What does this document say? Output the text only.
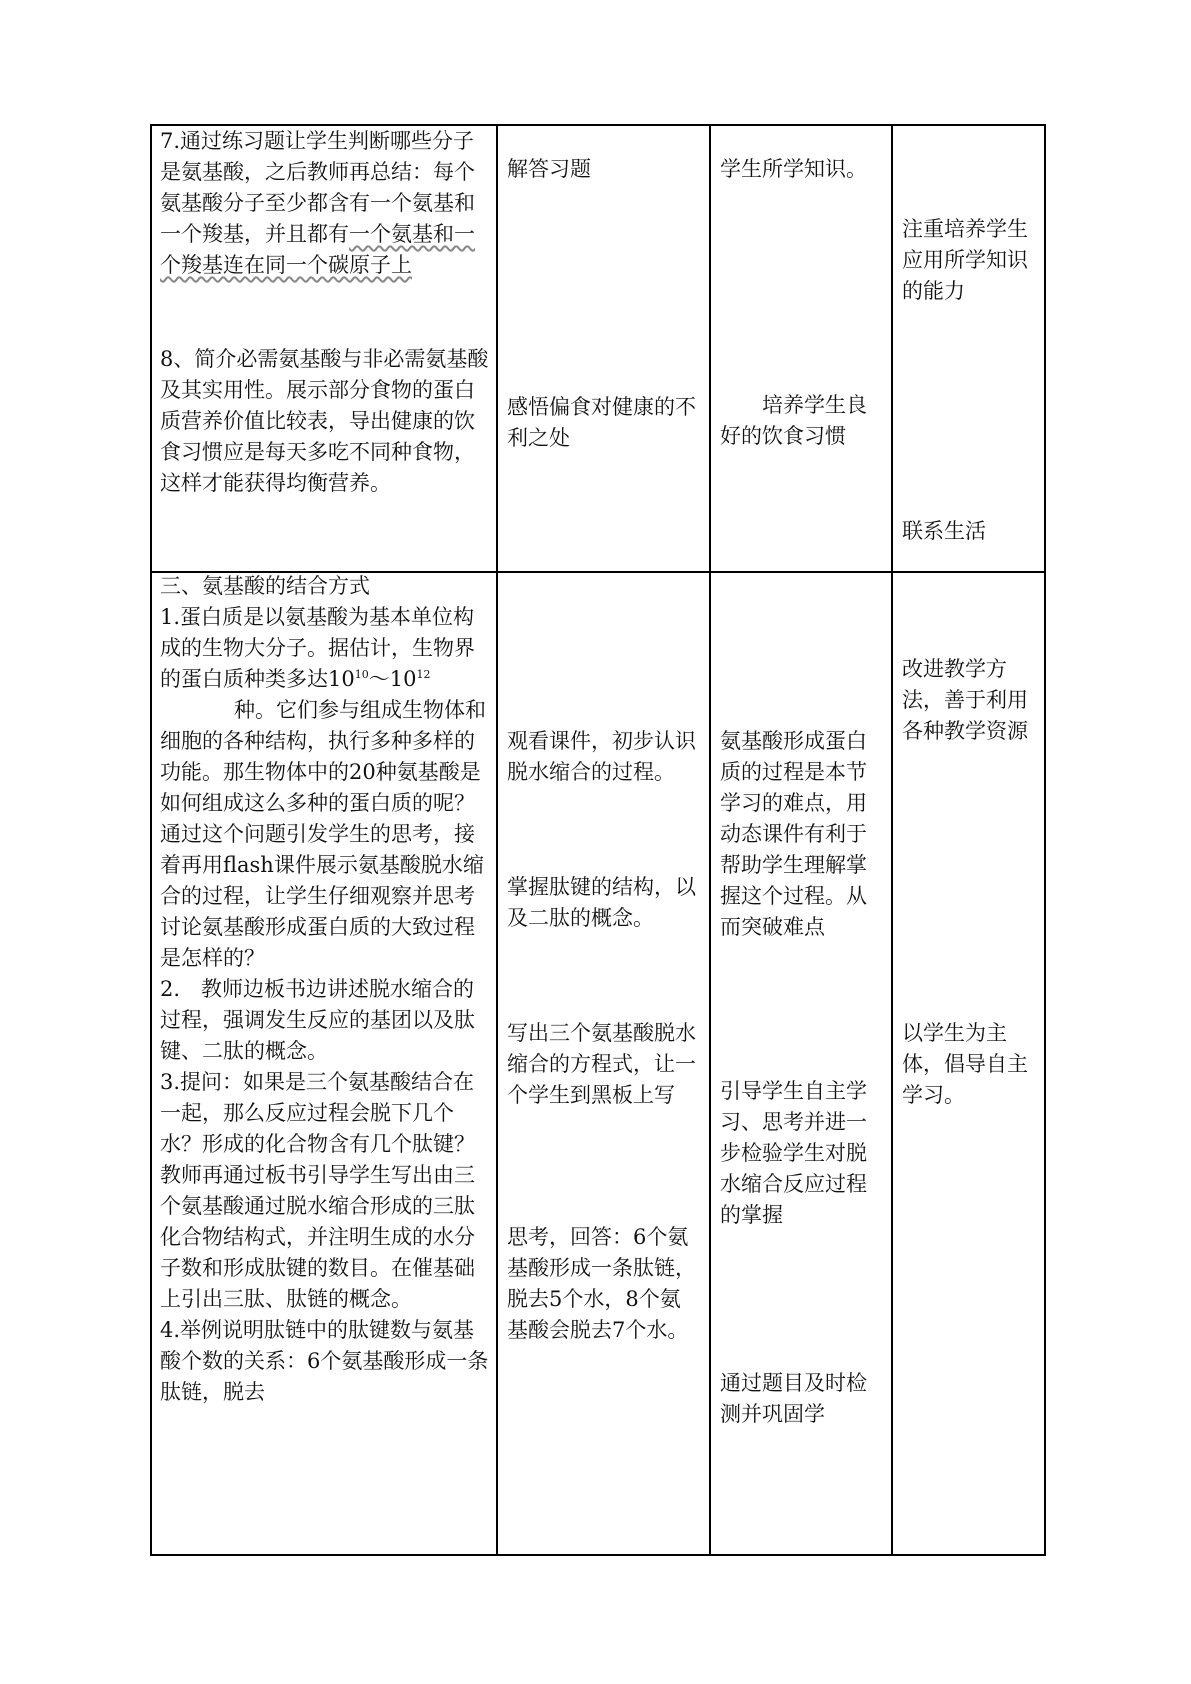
7.通过练习题让学生判断哪些分子是氨基酸，之后教师再总结：每个氨基酸分子至少都含有一个氨基和一个羧基，并且都有一个氨基和一个羧基连在同一个碳原子上

8、简介必需氨基酸与非必需氨基酸及其实用性。展示部分食物的蛋白质营养价值比较表，导出健康的饮食习惯应是每天多吃不同种食物，这样才能获得均衡营养。

解答习题

感悟偏食对健康的不利之处

学生所学知识。

培养学生良好的饮食习惯

注重培养学生应用所学知识的能力

联系生活

三、氨基酸的结合方式

1.蛋白质是以氨基酸为基本单位构成的生物大分子。据估计，生物界的蛋白质种类多达$10^{10}\sim 10^{12}$种。它们参与组成生物体和细胞的各种结构，执行多种多样的功能。那生物体中的20种氨基酸是如何组成这么多种的蛋白质的呢？通过这个问题引发学生的思考，接着再用flash课件展示氨基酸脱水缩合的过程，让学生仔细观察并思考讨论氨基酸形成蛋白质的大致过程是怎样的？

2.　教师边板书边讲述脱水缩合的过程，强调发生反应的基团以及肽键、二肽的概念。

3.提问：如果是三个氨基酸结合在一起，那么反应过程会脱下几个水？形成的化合物含有几个肽键？

教师再通过板书引导学生写出由三个氨基酸通过脱水缩合形成的三肽化合物结构式，并注明生成的水分子数和形成肽键的数目。在催基础上引出三肽、肽链的概念。

4.举例说明肽链中的肽键数与氨基酸个数的关系：6个氨基酸形成一条肽链，脱去

观看课件，初步认识脱水缩合的过程。

掌握肽键的结构，以及二肽的概念。

写出三个氨基酸脱水缩合的方程式，让一个学生到黑板上写

思考，回答：6个氨基酸形成一条肽链，脱去5个水，8个氨基酸会脱去7个水。

氨基酸形成蛋白质的过程是本节学习的难点，用动态课件有利于帮助学生理解掌握这个过程。从而突破难点

引导学生自主学习、思考并进一步检验学生对脱水缩合反应过程的掌握

通过题目及时检测并巩固学

改进教学方法，善于利用各种教学资源

以学生为主体，倡导自主学习。
